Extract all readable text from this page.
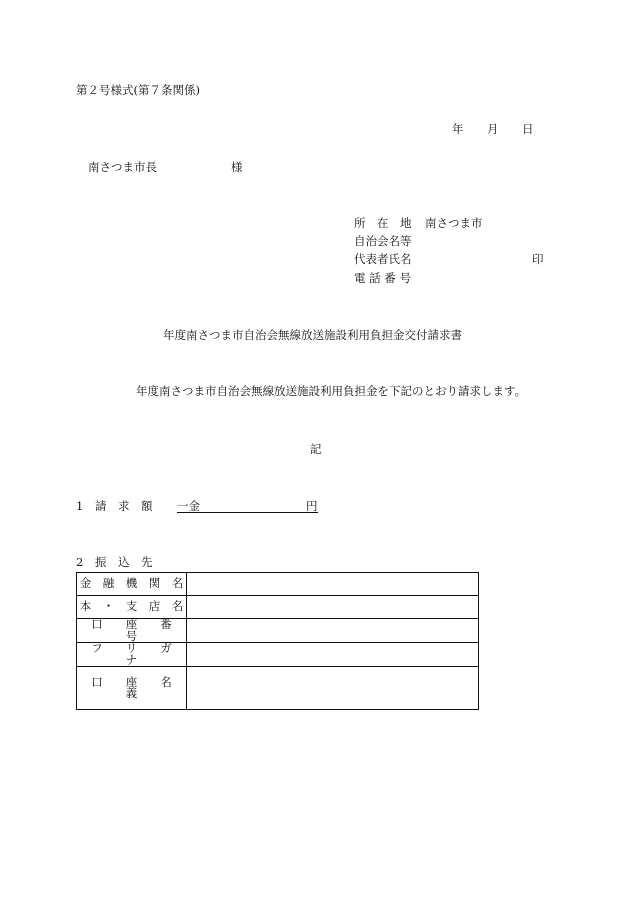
第２号様式(第７条関係)
年 月 日
南さつま市長	様
所　在　地 南さつま市
自治会名等
代表者氏名	印
電 話 番 号
年度南さつま市自治会無線放送施設利用負担金交付請求書
年度南さつま市自治会無線放送施設利用負担金を下記のとおり請求します。
記
1 請　求　額 一金	円
2 振　込　先
金　融　機　関　名	
本　・　支　店　名	
口　　座　　番　　号	
フ　　リ　　ガ　　ナ	
口　　座　　名　　義	
